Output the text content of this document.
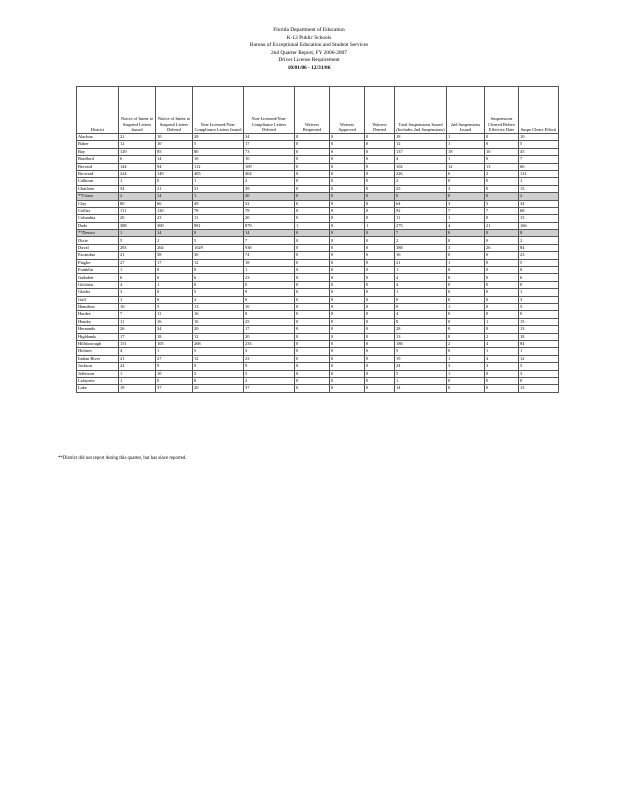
Florida Department of Education
K-12 Public Schools
Bureau of Exceptional Education and Student Services
2nd Quarter Report, FY 2006-2007
Driver License Requirement
10/01/06 - 12/31/06
District	Notice of Intent to Suspend Letters Issued	Notice of Intent to Suspend Letters Deleted	Non-Licensed/Non-Compliance Letters Issued	Non-Licensed/Non-Compliance Letters Deleted	Waivers Requested	Waivers Approved	Waivers Denied	Total Suspensions Issued (Includes 2nd Suspensions)	2nd Suspensions Issued	Suspensions Cleared Before Effective Date	Suspe Clears Effecti
Alachua	21	10	28	34	0	0	0	18	1	0	10
Baker	12	10	5	17	0	0	0	12	1	0	5
Bay	129	85	80	73	0	0	0	137	18	10	45
Bradford	6	14	10	10	0	0	0	4	1	0	7
Brevard	144	94	112	109	0	0	0	102	12	13	66
Broward	224	149	405	404	0	0	0	226	6	2	112
Calhoun	1	0	1	2	0	0	0	2	0	0	1
Charlotte	54	21	31	39	0	0	0	25	3	0	15
**Citrus	2	14	1	20	0	0	0	0	0	0	2
Clay	80	66	49	52	0	0	0	64	3	5	34
Collier	111	120	78	78	0	0	0	92	7	7	68
Columbia	20	23	11	20	0	0	0	11	1	0	13
Dade	388	300	881	879	1	0	1	275	4	21	166
**Desoto	1	14	0	14	0	0	0	7	0	0	8
Dixie	5	2	5	7	0	0	0	2	0	0	2
Duval	283	264	1029	938	0	0	0	388	3	26	84
Escambia	21	38	30	74	0	0	0	16	0	0	23
Flagler	27	17	12	18	0	0	0	21	1	0	5
Franklin	1	0	0	1	0	0	0	1	0	0	0
Gadsden	6	0	6	23	0	0	0	4	0	0	6
Gilchrist	4	1	0	0	0	0	0	4	0	0	0
Glades	3	0	5	9	0	0	0	1	0	0	1
Gulf	1	0	2	0	0	0	0	0	0	0	3
Hamilton	10	5	13	10	0	0	0	0	1	0	5
Hardee	7	11	16	0	0	0	0	4	0	0	0
Hendry	11	16	16	25	0	0	0	8	0	1	15
Hernando	26	34	20	17	0	0	0	28	0	0	13
Highlands	17	18	12	20	0	0	0	13	0	2	18
Hillsborough	151	105	268	233	0	0	0	188	2	4	84
Holmes	4	1	5	3	0	0	0	5	0	1	1
Indian River	21	27	12	23	0	0	0	19	1	4	12
Jackson	24	9	9	9	0	0	0	24	3	3	5
Jefferson	1	10	5	5	0	0	0	5	1	0	3
Lafayette	1	0	0	2	0	0	0	1	0	0	0
Lake	19	37	20	37	0	0	0	14	0	0	13
**District did not report during this quarter, but has since reported.
